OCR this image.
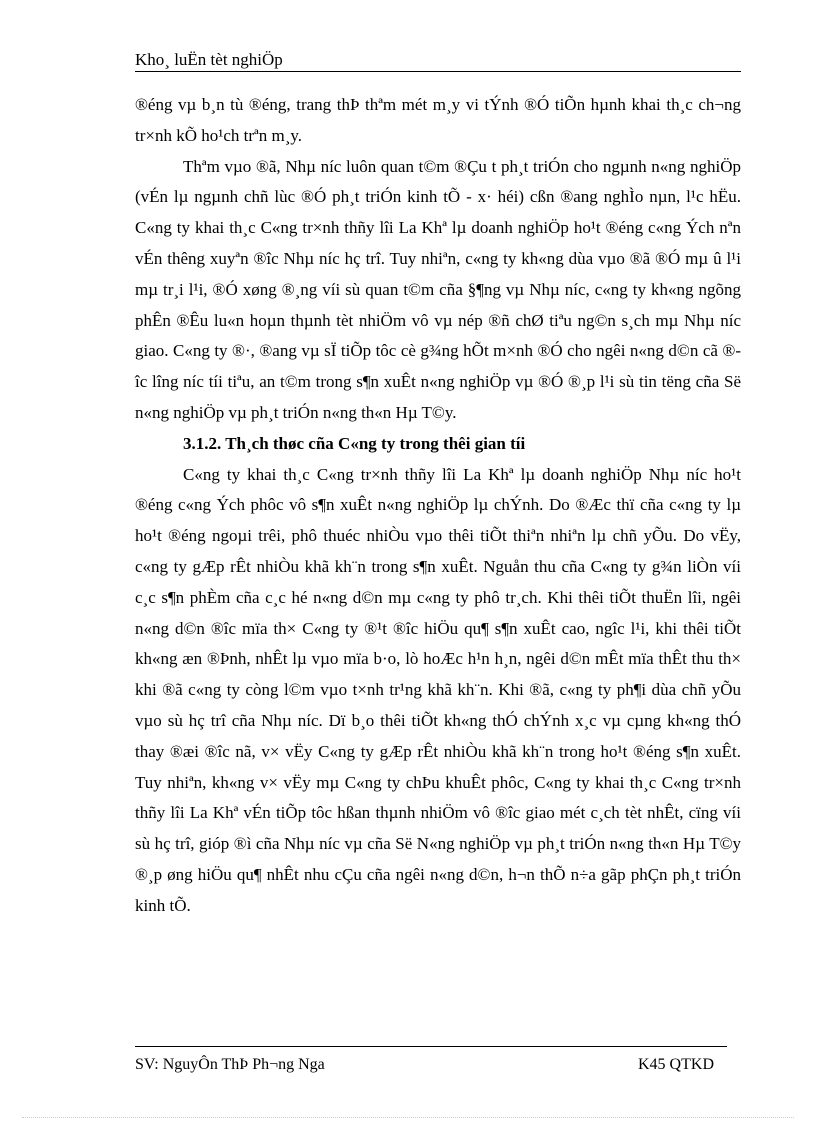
Kho¸ luËn tèt nghiÖp

®éng vµ b¸n tù ®éng, trang thÞ thªm mét m¸y vi tÝnh ®Ó tiÕn hµnh khai th¸c ch¬ng tr×nh kÕ ho¹ch trªn m¸y.

Thªm vµo ®ã, Nhµ níc luôn quan t©m ®Çu t ph¸t triÓn cho ngµnh n«ng nghiÖp (vÉn lµ ngµnh chñ lùc ®Ó ph¸t triÓn kinh tÕ - x· héi) cßn ®ang nghÌo nµn, l¹c hËu. C«ng ty khai th¸c C«ng tr×nh thñy lîi La Khª lµ doanh nghiÖp ho¹t ®éng c«ng Ých nªn vÉn thêng xuyªn ®îc Nhµ níc hç trî. Tuy nhiªn, c«ng ty kh«ng dùa vµo ®ã ®Ó mµ û l¹i mµ tr¸i l¹i, ®Ó xøng ®¸ng víi sù quan t©m cña §¶ng vµ Nhµ níc, c«ng ty kh«ng ngõng phÊn ®Êu lu«n hoµn thµnh tèt nhiÖm vô vµ nép ®ñ chØ tiªu ng©n s¸ch mµ Nhµ níc giao. C«ng ty ®·, ®ang vµ sÏ tiÕp tôc cè g¾ng hÕt m×nh ®Ó cho ngêi n«ng d©n cã ®îc lîng níc tíi tiªu, an t©m trong s¶n xuÊt n«ng nghiÖp vµ ®Ó ®¸p l¹i sù tin tëng cña Së n«ng nghiÖp vµ ph¸t triÓn n«ng th«n Hµ T©y.

3.1.2. Th¸ch thøc cña C«ng ty trong thêi gian tíi

C«ng ty khai th¸c C«ng tr×nh thñy lîi La Khª lµ doanh nghiÖp Nhµ níc ho¹t ®éng c«ng Ých phôc vô s¶n xuÊt n«ng nghiÖp lµ chÝnh. Do ®Æc thï cña c«ng ty lµ ho¹t ®éng ngoµi trêi, phô thuéc nhiÒu vµo thêi tiÕt thiªn nhiªn lµ chñ yÕu. Do vËy, c«ng ty gÆp rÊt nhiÒu khã kh¨n trong s¶n xuÊt. Nguån thu cña C«ng ty g¾n liÒn víi c¸c s¶n phÈm cña c¸c hé n«ng d©n mµ c«ng ty phô tr¸ch. Khi thêi tiÕt thuËn lîi, ngêi n«ng d©n ®îc mïa th× C«ng ty ®¹t ®îc hiÖu qu¶ s¶n xuÊt cao, ngîc l¹i, khi thêi tiÕt kh«ng æn ®Þnh, nhÊt lµ vµo mïa b·o, lò hoÆc h¹n h¸n, ngêi d©n mÊt mïa thÊt thu th× khi ®ã c«ng ty còng l©m vµo t×nh tr¹ng khã kh¨n. Khi ®ã, c«ng ty ph¶i dùa chñ yÕu vµo sù hç trî cña Nhµ níc. Dï b¸o thêi tiÕt kh«ng thÓ chÝnh x¸c vµ cµng kh«ng thÓ thay ®æi ®îc nã, v× vËy C«ng ty gÆp rÊt nhiÒu khã kh¨n trong ho¹t ®éng s¶n xuÊt. Tuy nhiªn, kh«ng v× vËy mµ C«ng ty chÞu khuÊt phôc, C«ng ty khai th¸c C«ng tr×nh thñy lîi La Khª vÉn tiÕp tôc hßan thµnh nhiÖm vô ®îc giao mét c¸ch tèt nhÊt, cïng víi sù hç trî, gióp ®ì cña Nhµ níc vµ cña Së N«ng nghiÖp vµ ph¸t triÓn n«ng th«n Hµ T©y ®¸p øng hiÖu qu¶ nhÊt nhu cÇu cña ngêi n«ng d©n, h¬n thÕ n÷a gãp phÇn ph¸t triÓn kinh tÕ.

SV: NguyÔn ThÞ Ph¬ng Nga	K45 QTKD
